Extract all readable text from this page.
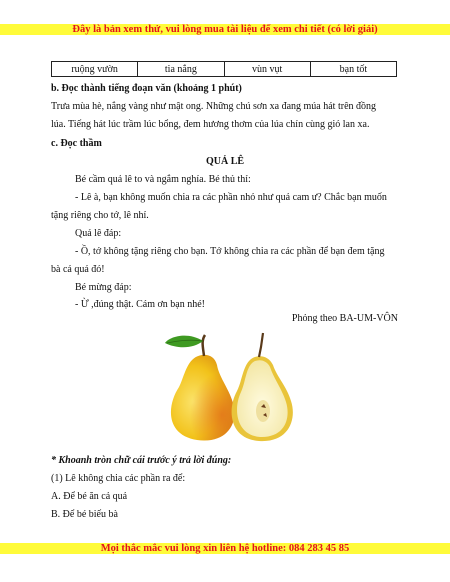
Đây là bản xem thử, vui lòng mua tài liệu để xem chi tiết (có lời giải)
ruộng vườn	tia nắng	vùn vụt	bạn tốt
b. Đọc thành tiếng đoạn văn (khoảng 1 phút)
Trưa mùa hè, nắng vàng như mật ong. Những chú sơn xa đang múa hát trên đồng
lúa. Tiếng hát lúc trầm lúc bổng, đem hương thơm của lúa chín cùng gió lan xa.
c. Đọc thầm
QUẢ LÊ
Bé cầm quả lê to và ngắm nghía. Bé thủ thỉ:
- Lê à, bạn không muốn chia ra các phần nhỏ như quả cam ư? Chắc bạn muốn
tặng riêng cho tớ, lê nhỉ.
Quả lê đáp:
- Ồ, tớ không tặng riêng cho bạn. Tớ không chia ra các phần để bạn đem tặng
bà cả quả đó!
Bé mừng đáp:
- Ừ ,đúng thật. Cám ơn bạn nhé!
Phỏng theo BA-UM-VÔN
* Khoanh tròn chữ cái trước ý trả lời đúng:
(1) Lê không chia các phần ra để:
A. Để bé ăn cả quả
B. Để bé biếu bà
Mọi thắc mắc vui lòng xin liên hệ hotline: 084 283 45 85
